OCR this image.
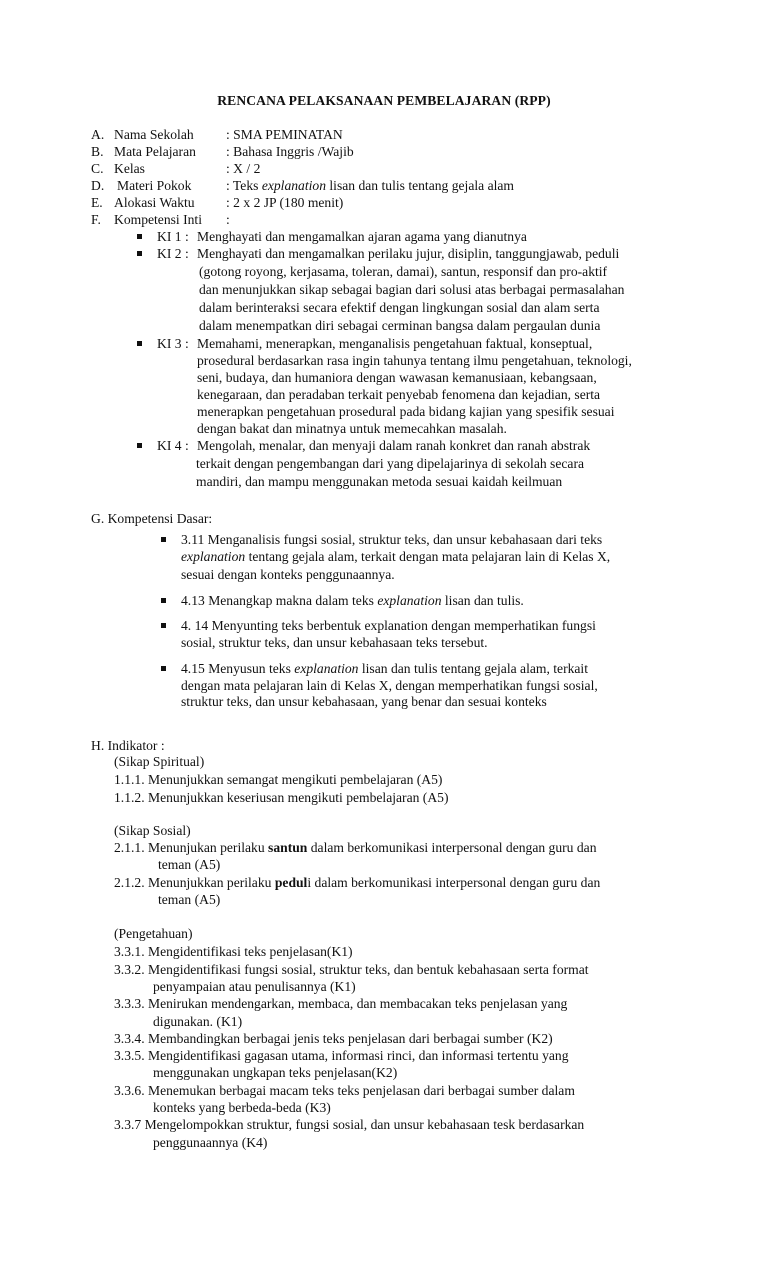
RENCANA PELAKSANAAN PEMBELAJARAN (RPP)
A. Nama Sekolah : SMA PEMINATAN
B. Mata Pelajaran : Bahasa Inggris /Wajib
C. Kelas	: X / 2
D. Materi Pokok	: Teks explanation lisan dan tulis tentang gejala alam
E. Alokasi Waktu : 2 x 2 JP (180 menit)
F. Kompetensi Inti :
KI 1 : Menghayati dan mengamalkan ajaran agama yang dianutnya
KI 2 : Menghayati dan mengamalkan perilaku jujur, disiplin, tanggungjawab, peduli
(gotong royong, kerjasama, toleran, damai), santun, responsif dan pro-aktif
dan menunjukkan sikap sebagai bagian dari solusi atas berbagai permasalahan
dalam berinteraksi secara efektif dengan lingkungan sosial dan alam serta
dalam menempatkan diri sebagai cerminan bangsa dalam pergaulan dunia
KI 3 : Memahami, menerapkan, menganalisis pengetahuan faktual, konseptual,
prosedural berdasarkan rasa ingin tahunya tentang ilmu pengetahuan, teknologi,
seni, budaya, dan humaniora dengan wawasan kemanusiaan, kebangsaan,
kenegaraan, dan peradaban terkait penyebab fenomena dan kejadian, serta
menerapkan pengetahuan prosedural pada bidang kajian yang spesifik sesuai
dengan bakat dan minatnya untuk memecahkan masalah.
KI 4 : Mengolah, menalar, dan menyaji dalam ranah konkret dan ranah abstrak
terkait dengan pengembangan dari yang dipelajarinya di sekolah secara
mandiri, dan mampu menggunakan metoda sesuai kaidah keilmuan
G. Kompetensi Dasar:
3.11 Menganalisis fungsi sosial, struktur teks, dan unsur kebahasaan dari teks
explanation tentang gejala alam, terkait dengan mata pelajaran lain di Kelas X,
sesuai dengan konteks penggunaannya.
4.13 Menangkap makna dalam teks explanation lisan dan tulis.
4. 14 Menyunting teks berbentuk explanation dengan memperhatikan fungsi
sosial, struktur teks, dan unsur kebahasaan teks tersebut.
4.15 Menyusun teks explanation lisan dan tulis tentang gejala alam, terkait
dengan mata pelajaran lain di Kelas X, dengan memperhatikan fungsi sosial,
struktur teks, dan unsur kebahasaan, yang benar dan sesuai konteks
H. Indikator :
(Sikap Spiritual)
1.1.1. Menunjukkan semangat mengikuti pembelajaran (A5)
1.1.2. Menunjukkan keseriusan mengikuti pembelajaran (A5)
(Sikap Sosial)
2.1.1. Menunjukan perilaku santun dalam berkomunikasi interpersonal dengan guru dan
teman (A5)
2.1.2. Menunjukkan perilaku peduli dalam berkomunikasi interpersonal dengan guru dan
teman (A5)
(Pengetahuan)
3.3.1. Mengidentifikasi teks penjelasan(K1)
3.3.2. Mengidentifikasi fungsi sosial, struktur teks, dan bentuk kebahasaan serta format
penyampaian atau penulisannya (K1)
3.3.3. Menirukan mendengarkan, membaca, dan membacakan teks penjelasan yang
digunakan. (K1)
3.3.4. Membandingkan berbagai jenis teks penjelasan dari berbagai sumber (K2)
3.3.5. Mengidentifikasi gagasan utama, informasi rinci, dan informasi tertentu yang
menggunakan ungkapan teks penjelasan(K2)
3.3.6. Menemukan berbagai macam teks teks penjelasan dari berbagai sumber dalam
konteks yang berbeda-beda (K3)
3.3.7 Mengelompokkan struktur, fungsi sosial, dan unsur kebahasaan tesk berdasarkan
penggunaannya (K4)
